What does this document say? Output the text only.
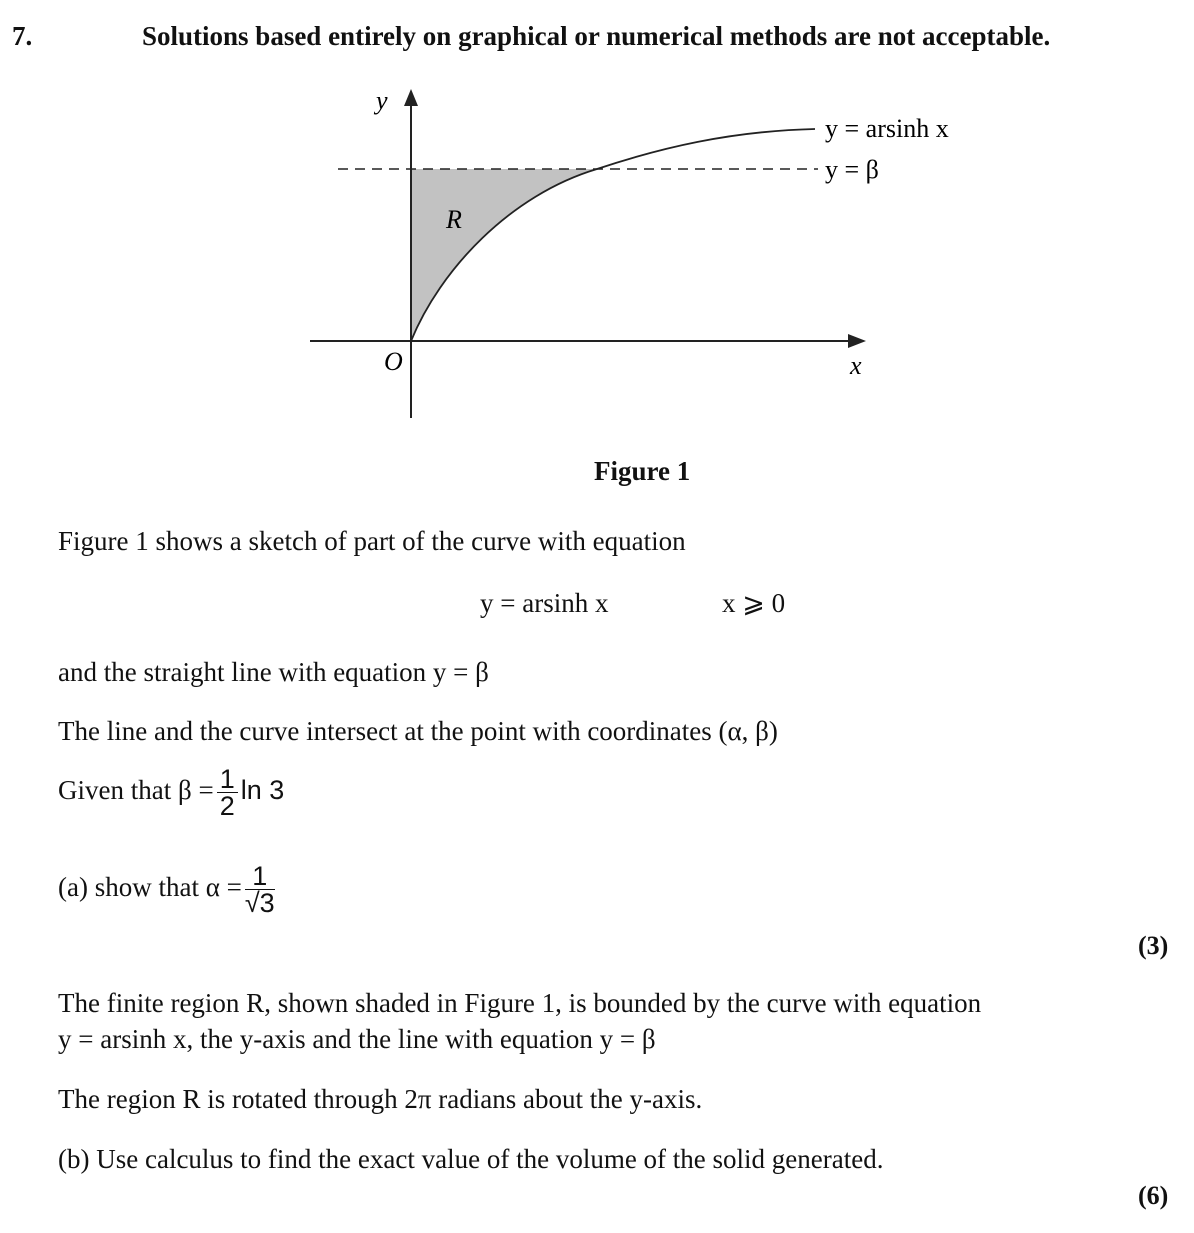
7.	Solutions based entirely on graphical or numerical methods are not acceptable.
y
x
O
R
y = arsinh x
y = β
Figure 1
Figure 1 shows a sketch of part of the curve with equation
y = arsinh x	x ⩾ 0
and the straight line with equation y = β
The line and the curve intersect at the point with coordinates (α, β)
Given that $\beta = \frac{1}{2}$ ln 3
(a) show that $\alpha = \frac{1}{√3}$
(3)
The finite region R, shown shaded in Figure 1, is bounded by the curve with equation
y = arsinh x, the y-axis and the line with equation y = β
The region R is rotated through 2π radians about the y-axis.
(b) Use calculus to find the exact value of the volume of the solid generated.
(6)
